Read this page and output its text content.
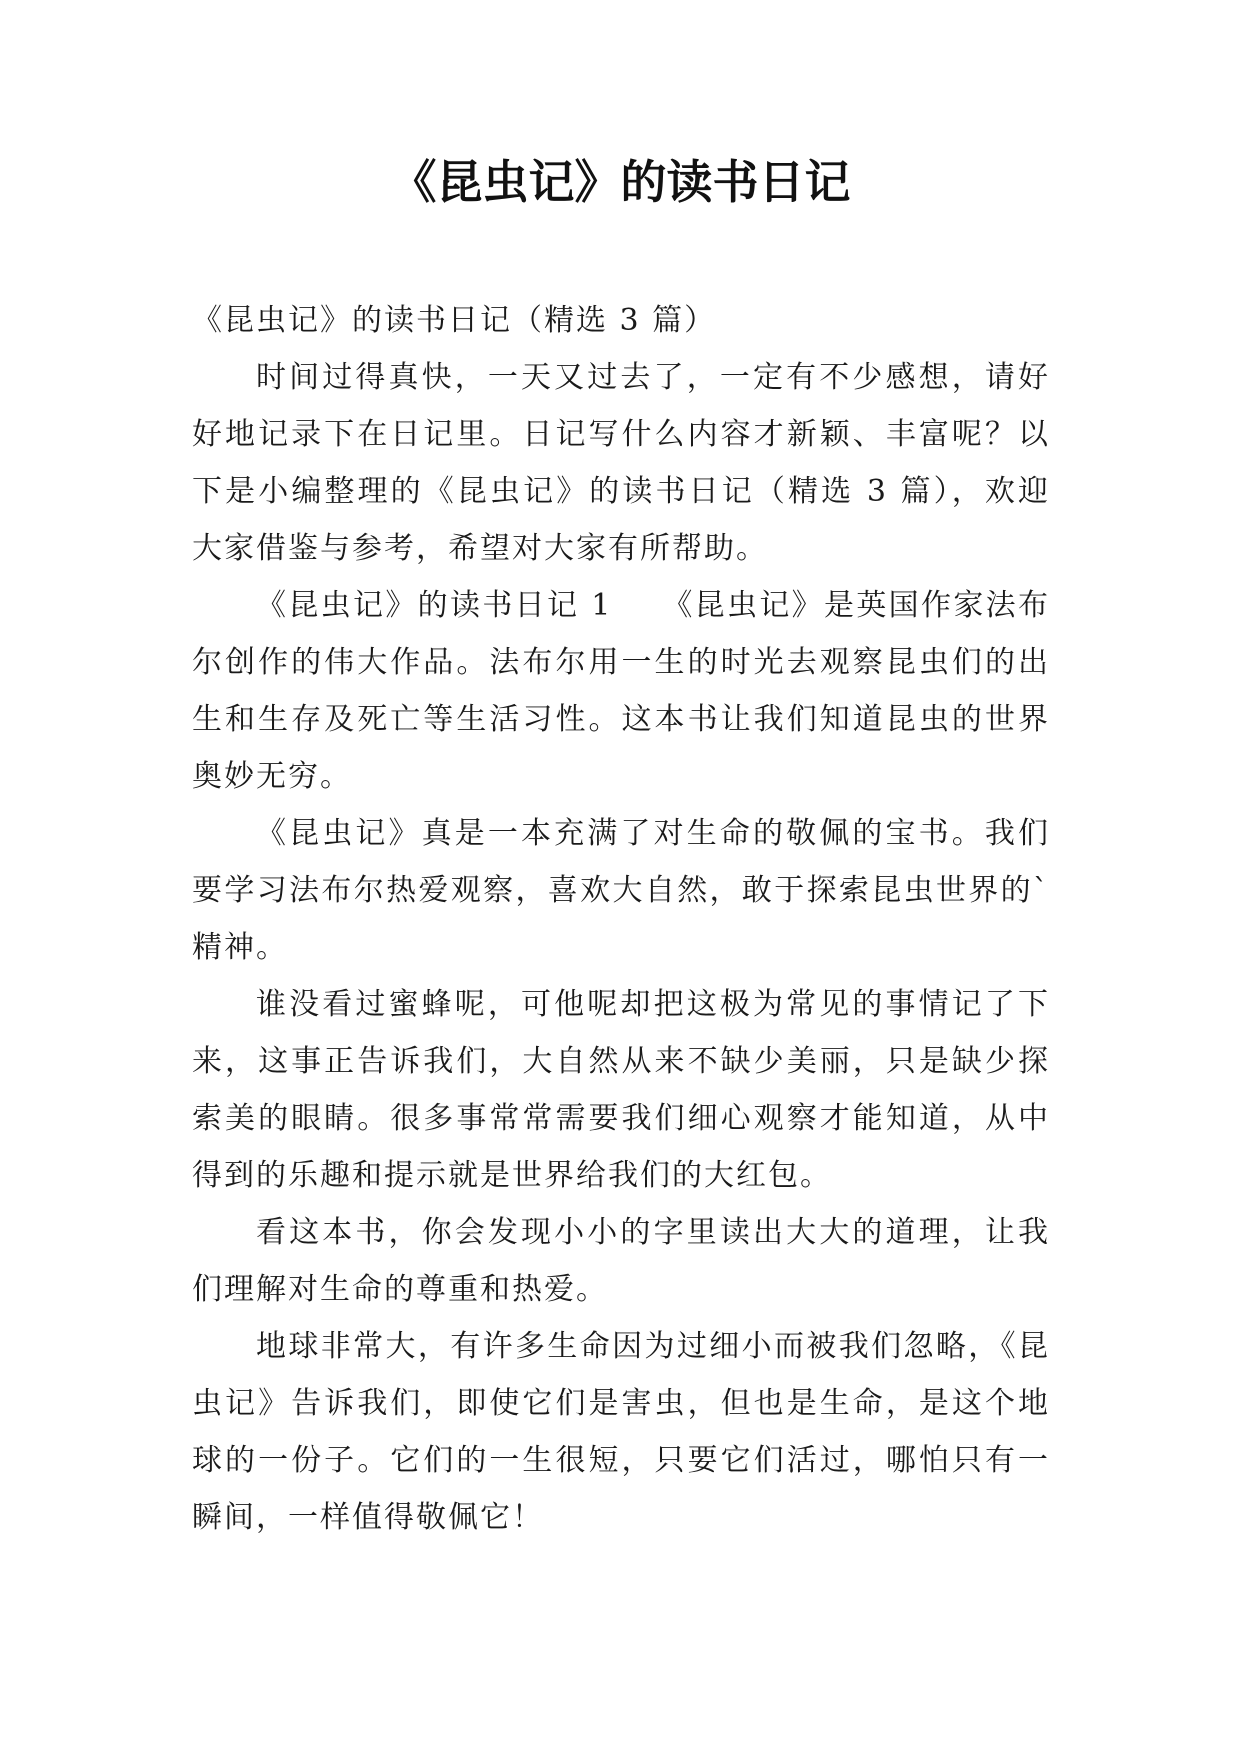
《昆虫记》的读书日记

《昆虫记》的读书日记（精选 3 篇）

时间过得真快，一天又过去了，一定有不少感想，请好好地记录下在日记里。日记写什么内容才新颖、丰富呢？以下是小编整理的《昆虫记》的读书日记（精选 3 篇），欢迎大家借鉴与参考，希望对大家有所帮助。

《昆虫记》的读书日记 1　　《昆虫记》是英国作家法布尔创作的伟大作品。法布尔用一生的时光去观察昆虫们的出生和生存及死亡等生活习性。这本书让我们知道昆虫的世界奥妙无穷。

《昆虫记》真是一本充满了对生命的敬佩的宝书。我们要学习法布尔热爱观察，喜欢大自然，敢于探索昆虫世界的`精神。

谁没看过蜜蜂呢，可他呢却把这极为常见的事情记了下来，这事正告诉我们，大自然从来不缺少美丽，只是缺少探索美的眼睛。很多事常常需要我们细心观察才能知道，从中得到的乐趣和提示就是世界给我们的大红包。

看这本书，你会发现小小的字里读出大大的道理，让我们理解对生命的尊重和热爱。

地球非常大，有许多生命因为过细小而被我们忽略，《昆虫记》告诉我们，即使它们是害虫，但也是生命，是这个地球的一份子。它们的一生很短，只要它们活过，哪怕只有一瞬间，一样值得敬佩它！
